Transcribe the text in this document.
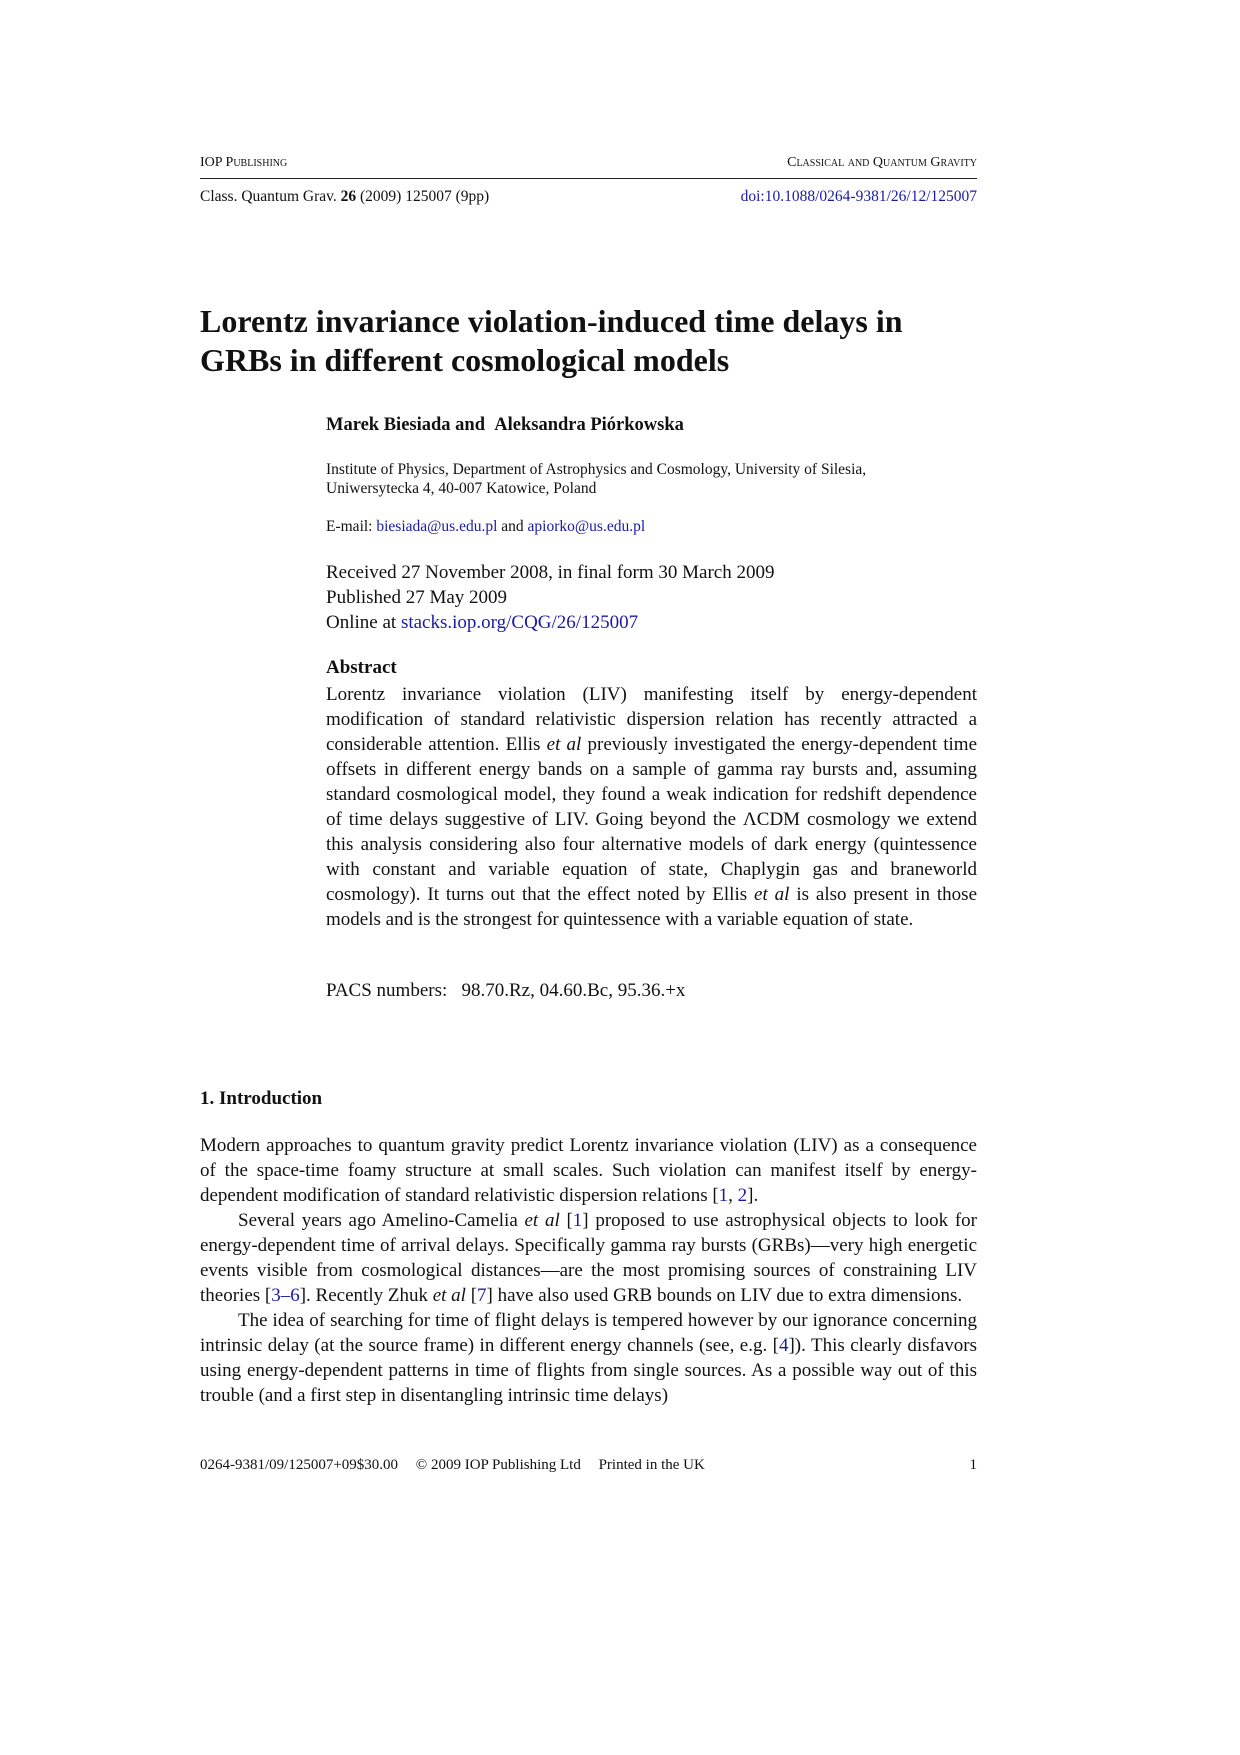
IOP Publishing	Classical and Quantum Gravity
Class. Quantum Grav. 26 (2009) 125007 (9pp)	doi:10.1088/0264-9381/26/12/125007
Lorentz invariance violation-induced time delays in
GRBs in different cosmological models
Marek Biesiada and Aleksandra Piórkowska
Institute of Physics, Department of Astrophysics and Cosmology, University of Silesia,
Uniwersytecka 4, 40-007 Katowice, Poland
E-mail: biesiada@us.edu.pl and apiorko@us.edu.pl
Received 27 November 2008, in final form 30 March 2009
Published 27 May 2009
Online at stacks.iop.org/CQG/26/125007
Abstract

Lorentz invariance violation (LIV) manifesting itself by energy-dependent modification of standard relativistic dispersion relation has recently attracted a considerable attention. Ellis et al previously investigated the energy-dependent time offsets in different energy bands on a sample of gamma ray bursts and, assuming standard cosmological model, they found a weak indication for redshift dependence of time delays suggestive of LIV. Going beyond the ΛCDM cosmology we extend this analysis considering also four alternative models of dark energy (quintessence with constant and variable equation of state, Chaplygin gas and braneworld cosmology). It turns out that the effect noted by Ellis et al is also present in those models and is the strongest for quintessence with a variable equation of state.

PACS numbers: 98.70.Rz, 04.60.Bc, 95.36.+x
1. Introduction

Modern approaches to quantum gravity predict Lorentz invariance violation (LIV) as a consequence of the space-time foamy structure at small scales. Such violation can manifest itself by energy-dependent modification of standard relativistic dispersion relations [1, 2].

Several years ago Amelino-Camelia et al [1] proposed to use astrophysical objects to look for energy-dependent time of arrival delays. Specifically gamma ray bursts (GRBs)—very high energetic events visible from cosmological distances—are the most promising sources of constraining LIV theories [3–6]. Recently Zhuk et al [7] have also used GRB bounds on LIV due to extra dimensions.

The idea of searching for time of flight delays is tempered however by our ignorance concerning intrinsic delay (at the source frame) in different energy channels (see, e.g. [4]). This clearly disfavors using energy-dependent patterns in time of flights from single sources. As a possible way out of this trouble (and a first step in disentangling intrinsic time delays)

0264-9381/09/125007+09$30.00 © 2009 IOP Publishing Ltd Printed in the UK	1
